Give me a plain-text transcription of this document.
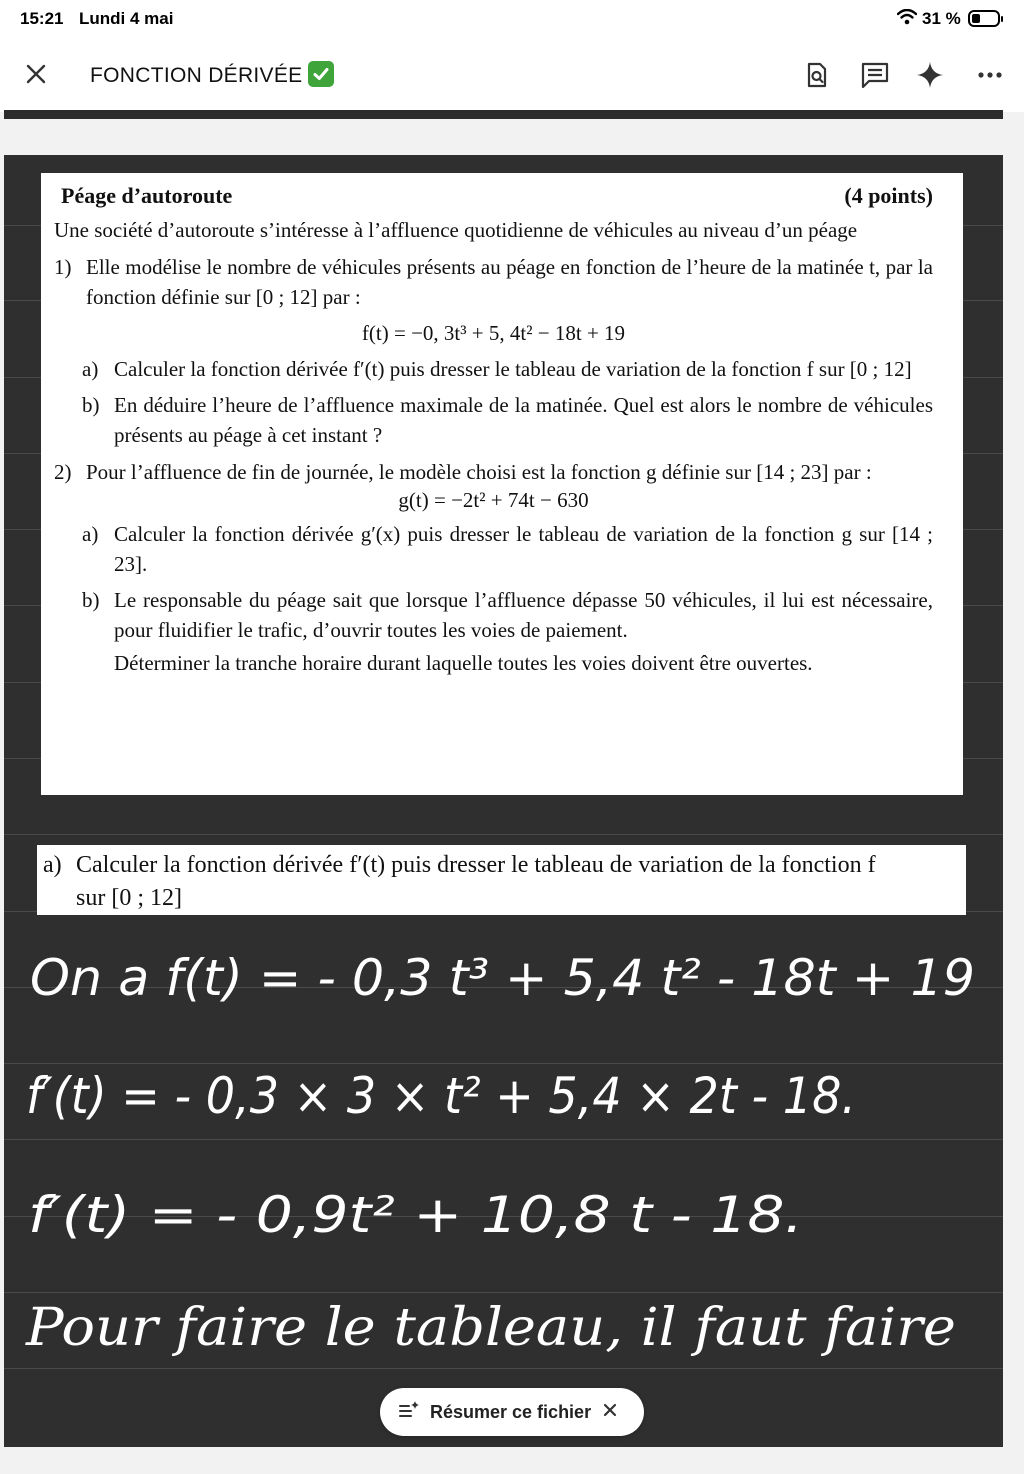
15:21 Lundi 4 mai	31 %
FONCTION DÉRIVÉE
Péage d’autoroute	(4 points)

Une société d’autoroute s’intéresse à l’affluence quotidienne de véhicules au niveau d’un péage

1) Elle modélise le nombre de véhicules présents au péage en fonction de l’heure de la matinée t, par la fonction définie sur [0 ; 12] par :
f(t) = −0, 3t³ + 5, 4t² − 18t + 19
a) Calculer la fonction dérivée f′(t) puis dresser le tableau de variation de la fonction f sur [0 ; 12]
b) En déduire l’heure de l’affluence maximale de la matinée. Quel est alors le nombre de véhicules présents au péage à cet instant ?
2) Pour l’affluence de fin de journée, le modèle choisi est la fonction g définie sur [14 ; 23] par :
g(t) = −2t² + 74t − 630
a) Calculer la fonction dérivée g′(x) puis dresser le tableau de variation de la fonction g sur [14 ; 23].
b) Le responsable du péage sait que lorsque l’affluence dépasse 50 véhicules, il lui est nécessaire, pour fluidifier le trafic, d’ouvrir toutes les voies de paiement.
Déterminer la tranche horaire durant laquelle toutes les voies doivent être ouvertes.
a) Calculer la fonction dérivée f′(t) puis dresser le tableau de variation de la fonction f
sur [0 ; 12]
On a f(t) = - 0,3 t³ + 5,4 t² - 18t + 19
f′(t) = - 0,3 × 3 × t² + 5,4 × 2t - 18.
f′(t) = - 0,9t² + 10,8 t - 18.
Pour faire le tableau, il faut faire
Résumer ce fichier
